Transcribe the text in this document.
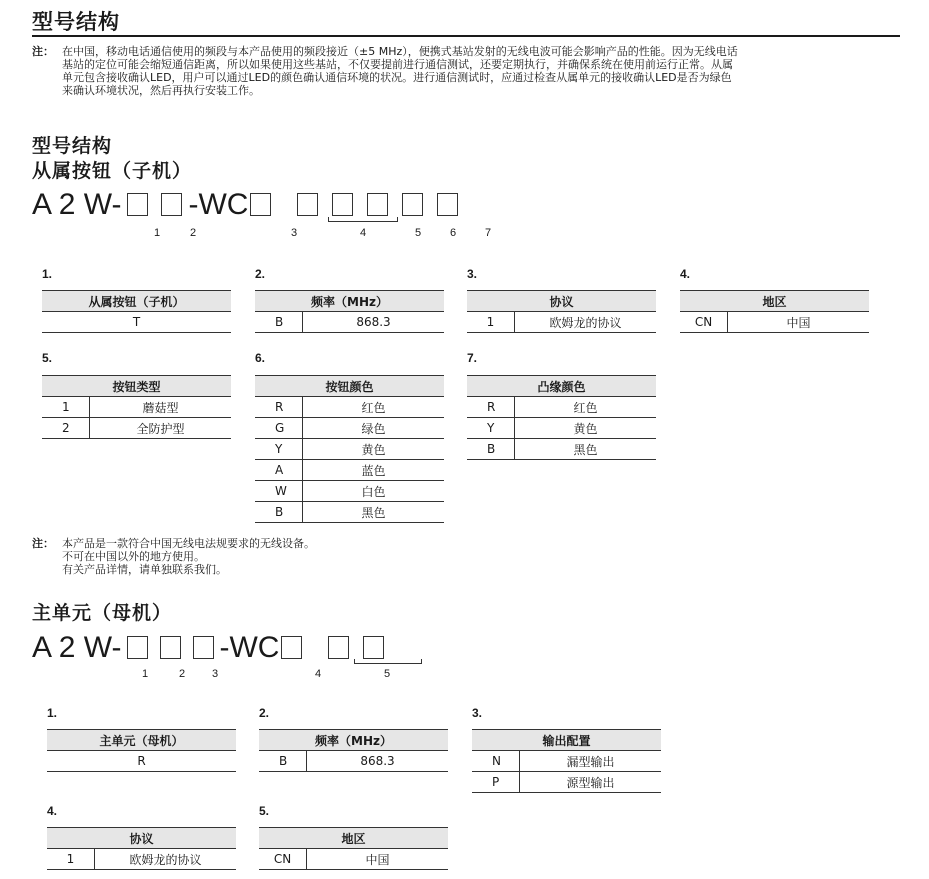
型号结构
注： 在中国，移动电话通信使用的频段与本产品使用的频段接近（±5 MHz），便携式基站发射的无线电波可能会影响产品的性能。因为无线电话
基站的定位可能会缩短通信距离，所以如果使用这些基站，不仅要提前进行通信测试，还要定期执行，并确保系统在使用前运行正常。从属
单元包含接收确认LED，用户可以通过LED的颜色确认通信环境的状况。进行通信测试时，应通过检查从属单元的接收确认LED是否为绿色
来确认环境状况，然后再执行安装工作。
型号结构
从属按钮（子机）
A 2 W- -WC
1	2	3	4	5	6	7
1.
从属按钮（子机）
T
2.
频率（MHz）
B	868.3
3.
协议
1	欧姆龙的协议
4.
地区
CN	中国
5.
按钮类型	
1	蘑菇型
2	全防护型
6.
按钮颜色	
R	红色
G	绿色
Y	黄色
A	蓝色
W	白色
B	黑色
7.
凸缘颜色	
R	红色
Y	黄色
B	黑色
注： 本产品是一款符合中国无线电法规要求的无线设备。
不可在中国以外的地方使用。
有关产品详情，请单独联系我们。
主单元（母机）
A 2 W-	-WC
1	2 3	4	5
1.
主单元（母机）
R
2.
频率（MHz）
B	868.3
3.
输出配置	
N	漏型输出
P	源型输出
4.
协议
1	欧姆龙的协议
5.
地区
CN	中国
